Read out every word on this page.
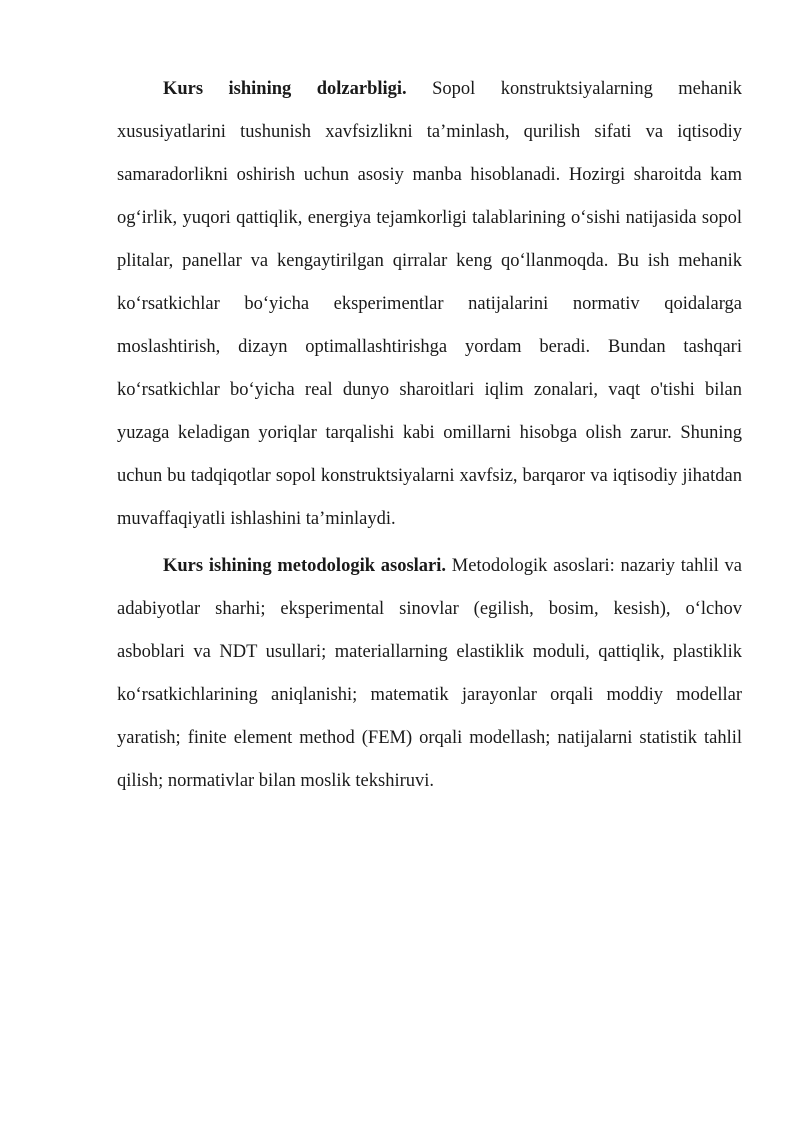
Kurs ishining dolzarbligi. Sopol konstruktsiyalarning mehanik xususiyatlarini tushunish xavfsizlikni ta’minlash, qurilish sifati va iqtisodiy samaradorlikni oshirish uchun asosiy manba hisoblanadi. Hozirgi sharoitda kam og‘irlik, yuqori qattiqlik, energiya tejamkorligi talablarining o‘sishi natijasida sopol plitalar, panellar va kengaytirilgan qirralar keng qo‘llanmoqda. Bu ish mehanik ko‘rsatkichlar bo‘yicha eksperimentlar natijalarini normativ qoidalarga moslashtirish, dizayn optimallashtirishga yordam beradi. Bundan tashqari ko‘rsatkichlar bo‘yicha real dunyo sharoitlari iqlim zonalari, vaqt o'tishi bilan yuzaga keladigan yoriqlar tarqalishi kabi omillarni hisobga olish zarur. Shuning uchun bu tadqiqotlar sopol konstruktsiyalarni xavfsiz, barqaror va iqtisodiy jihatdan muvaffaqiyatli ishlashini ta’minlaydi.

Kurs ishining metodologik asoslari. Metodologik asoslari: nazariy tahlil va adabiyotlar sharhi; eksperimental sinovlar (egilish, bosim, kesish), o‘lchov asboblari va NDT usullari; materiallarning elastiklik moduli, qattiqlik, plastiklik ko‘rsatkichlarining aniqlanishi; matematik jarayonlar orqali moddiy modellar yaratish; finite element method (FEM) orqali modellash; natijalarni statistik tahlil qilish; normativlar bilan moslik tekshiruvi.
